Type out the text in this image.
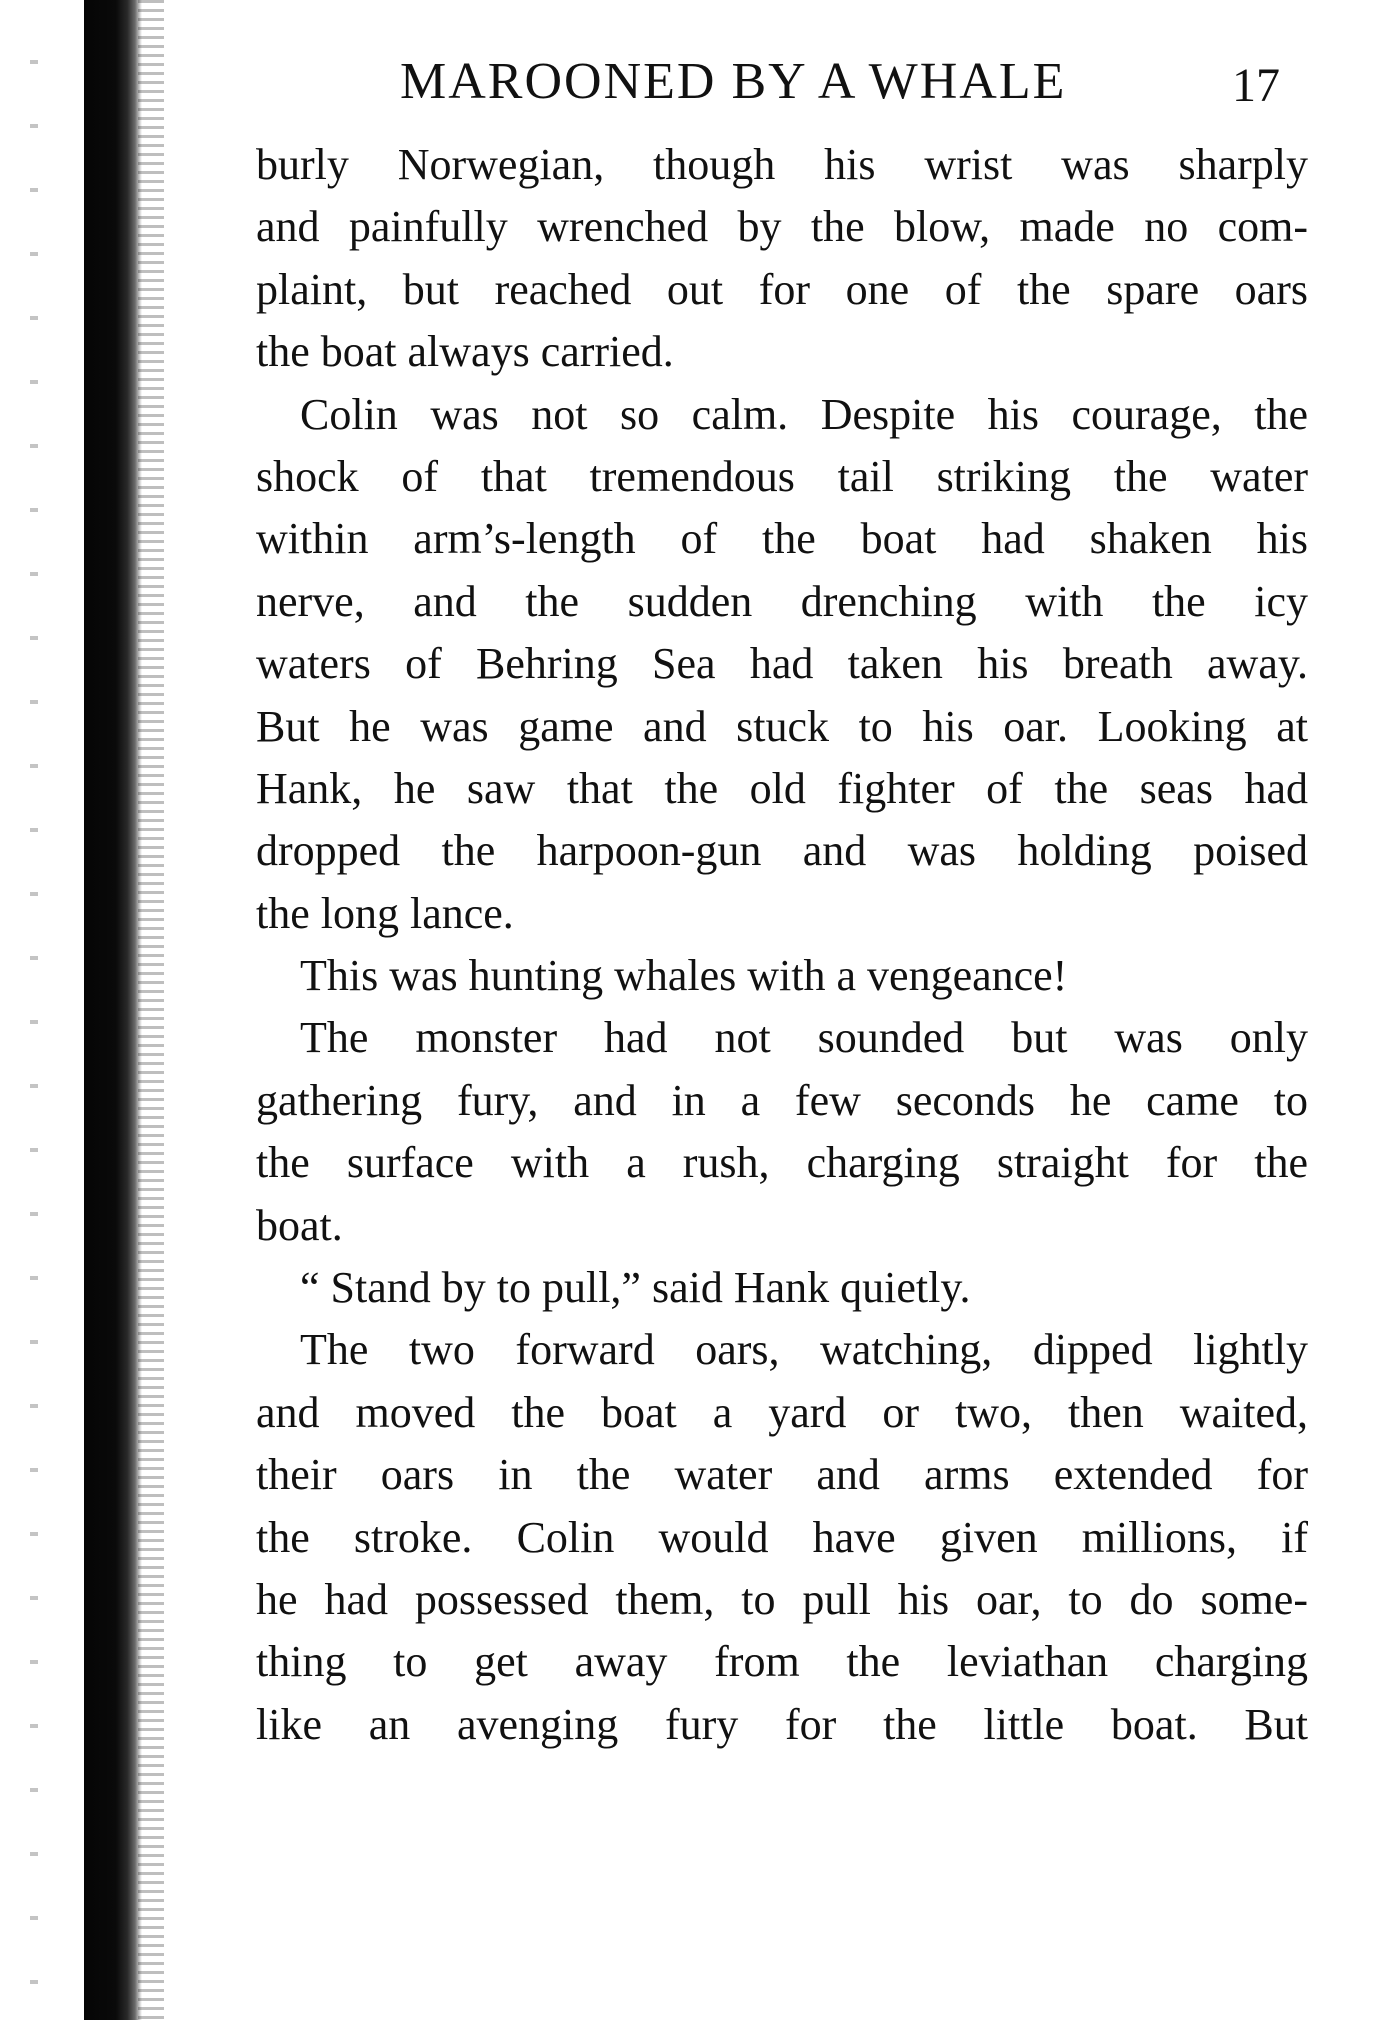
MAROONED BY A WHALE	17
burly Norwegian, though his wrist was sharply
and painfully wrenched by the blow, made no com-
plaint, but reached out for one of the spare oars
the boat always carried.
Colin was not so calm. Despite his courage, the
shock of that tremendous tail striking the water
within arm’s-length of the boat had shaken his
nerve, and the sudden drenching with the icy
waters of Behring Sea had taken his breath away.
But he was game and stuck to his oar. Looking at
Hank, he saw that the old fighter of the seas had
dropped the harpoon-gun and was holding poised
the long lance.
This was hunting whales with a vengeance!
The monster had not sounded but was only
gathering fury, and in a few seconds he came to
the surface with a rush, charging straight for the
boat.
“ Stand by to pull,” said Hank quietly.
The two forward oars, watching, dipped lightly
and moved the boat a yard or two, then waited,
their oars in the water and arms extended for
the stroke. Colin would have given millions, if
he had possessed them, to pull his oar, to do some-
thing to get away from the leviathan charging
like an avenging fury for the little boat. But
